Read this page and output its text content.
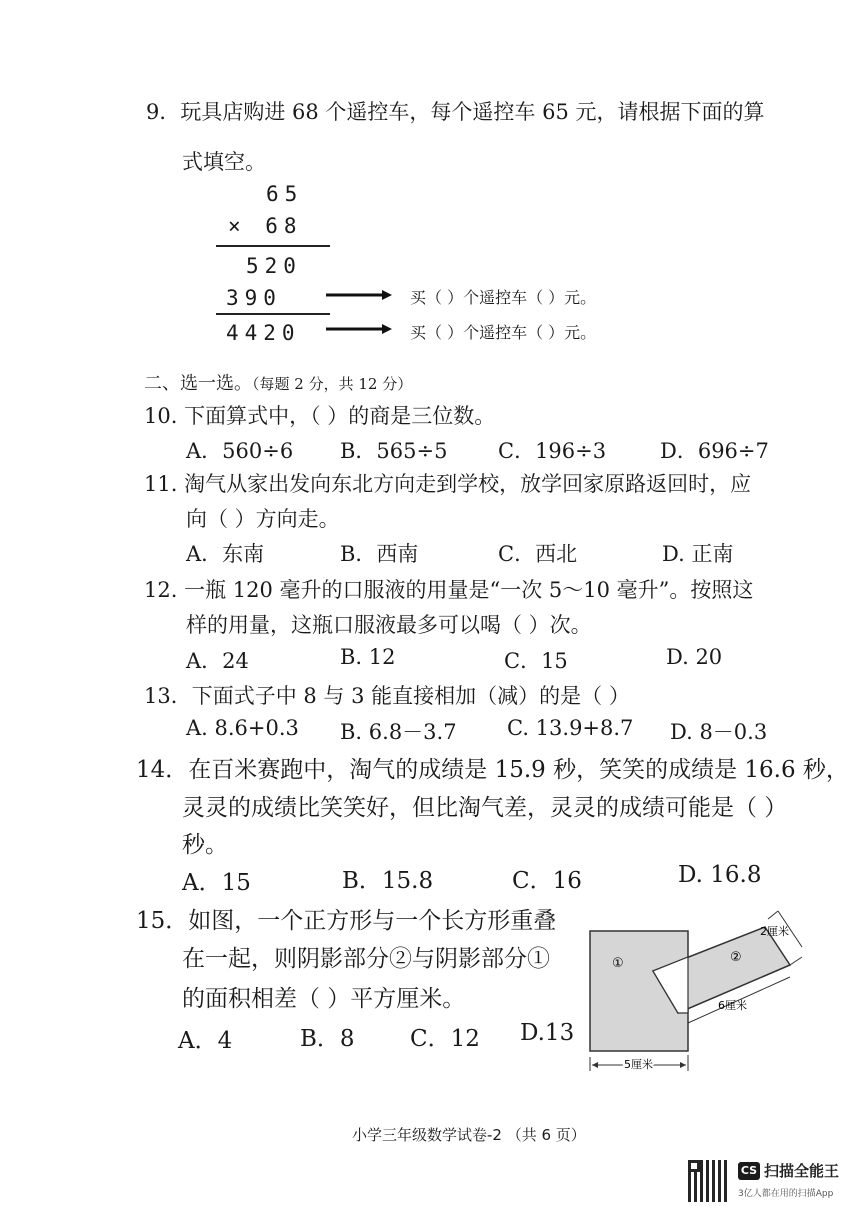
9．玩具店购进 68 个遥控车，每个遥控车 65 元，请根据下面的算
式填空。
65
× 68
520
390
4420
买（ ）个遥控车（ ）元。
买（ ）个遥控车（ ）元。
二、选一选。（每题 2 分，共 12 分）
10. 下面算式中，（ ）的商是三位数。
A．560÷6 B．565÷5 C．196÷3	D．696÷7
11. 淘气从家出发向东北方向走到学校，放学回家原路返回时，应
向（ ）方向走。
A．东南	B．西南	C．西北	D. 正南
12. 一瓶 120 毫升的口服液的用量是“一次 5～10 毫升”。按照这
样的用量，这瓶口服液最多可以喝（ ）次。
A．24	B. 12	C．15	D. 20
13．下面式子中 8 与 3 能直接相加（减）的是（ ）
A. 8.6+0.3 B. 6.8－3.7 C. 13.9+8.7 D. 8－0.3
14．在百米赛跑中，淘气的成绩是 15.9 秒，笑笑的成绩是 16.6 秒，
灵灵的成绩比笑笑好，但比淘气差，灵灵的成绩可能是（ ）
秒。
A．15	B．15.8	C．16	D. 16.8
15．如图，一个正方形与一个长方形重叠
在一起，则阴影部分②与阴影部分①
的面积相差（ ）平方厘米。
A．4	B．8 C．12 D.13
①	②
2厘米
6厘米
5厘米
小学三年级数学试卷-2 （共 6 页）
CS 扫描全能王
3亿人都在用的扫描App
